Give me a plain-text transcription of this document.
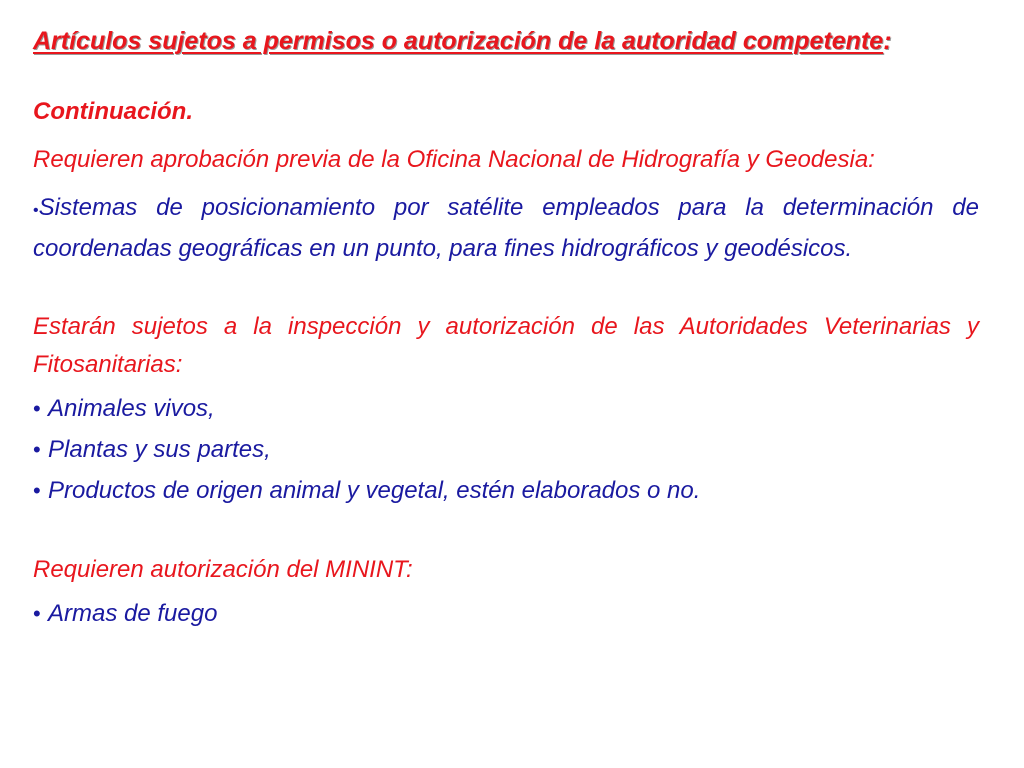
Artículos sujetos a permisos o autorización de la autoridad competente:

Continuación.

Requieren aprobación previa de la Oficina Nacional de Hidrografía y Geodesia:

•Sistemas de posicionamiento por satélite empleados para la determinación de coordenadas geográficas en un punto, para fines hidrográficos y geodésicos.

Estarán sujetos a la inspección y autorización de las Autoridades Veterinarias y Fitosanitarias:

• Animales vivos,
• Plantas y sus partes,
• Productos de origen animal y vegetal, estén elaborados o no.

Requieren autorización del MININT:

• Armas de fuego
